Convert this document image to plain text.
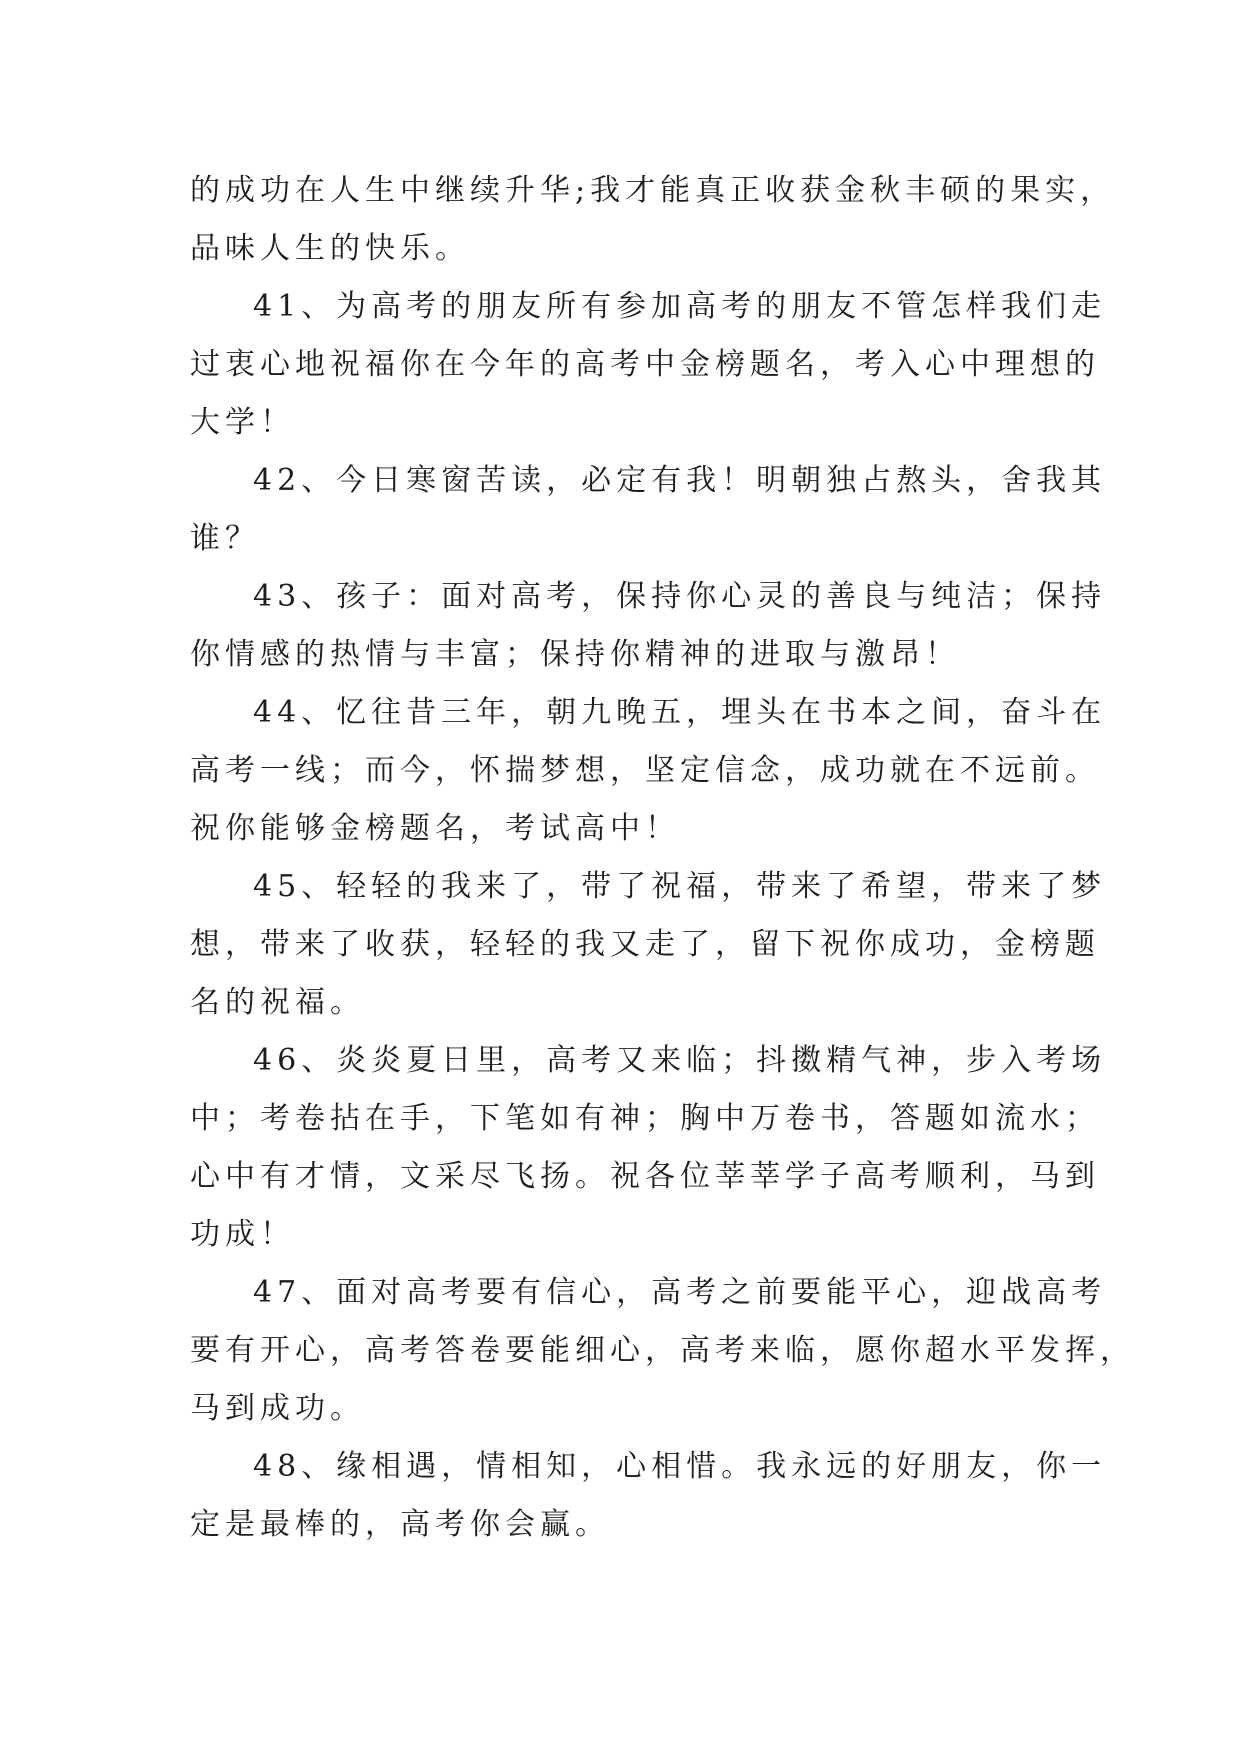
的成功在人生中继续升华;我才能真正收获金秋丰硕的果实，
品味人生的快乐。
41、为高考的朋友所有参加高考的朋友不管怎样我们走
过衷心地祝福你在今年的高考中金榜题名，考入心中理想的
大学！
42、今日寒窗苦读，必定有我！明朝独占熬头，舍我其
谁？
43、孩子：面对高考，保持你心灵的善良与纯洁；保持
你情感的热情与丰富；保持你精神的进取与激昂！
44、忆往昔三年，朝九晚五，埋头在书本之间，奋斗在
高考一线；而今，怀揣梦想，坚定信念，成功就在不远前。
祝你能够金榜题名，考试高中！
45、轻轻的我来了，带了祝福，带来了希望，带来了梦
想，带来了收获，轻轻的我又走了，留下祝你成功，金榜题
名的祝福。
46、炎炎夏日里，高考又来临；抖擞精气神，步入考场
中；考卷拈在手，下笔如有神；胸中万卷书，答题如流水；
心中有才情，文采尽飞扬。祝各位莘莘学子高考顺利，马到
功成！
47、面对高考要有信心，高考之前要能平心，迎战高考
要有开心，高考答卷要能细心，高考来临，愿你超水平发挥，
马到成功。
48、缘相遇，情相知，心相惜。我永远的好朋友，你一
定是最棒的，高考你会赢。
